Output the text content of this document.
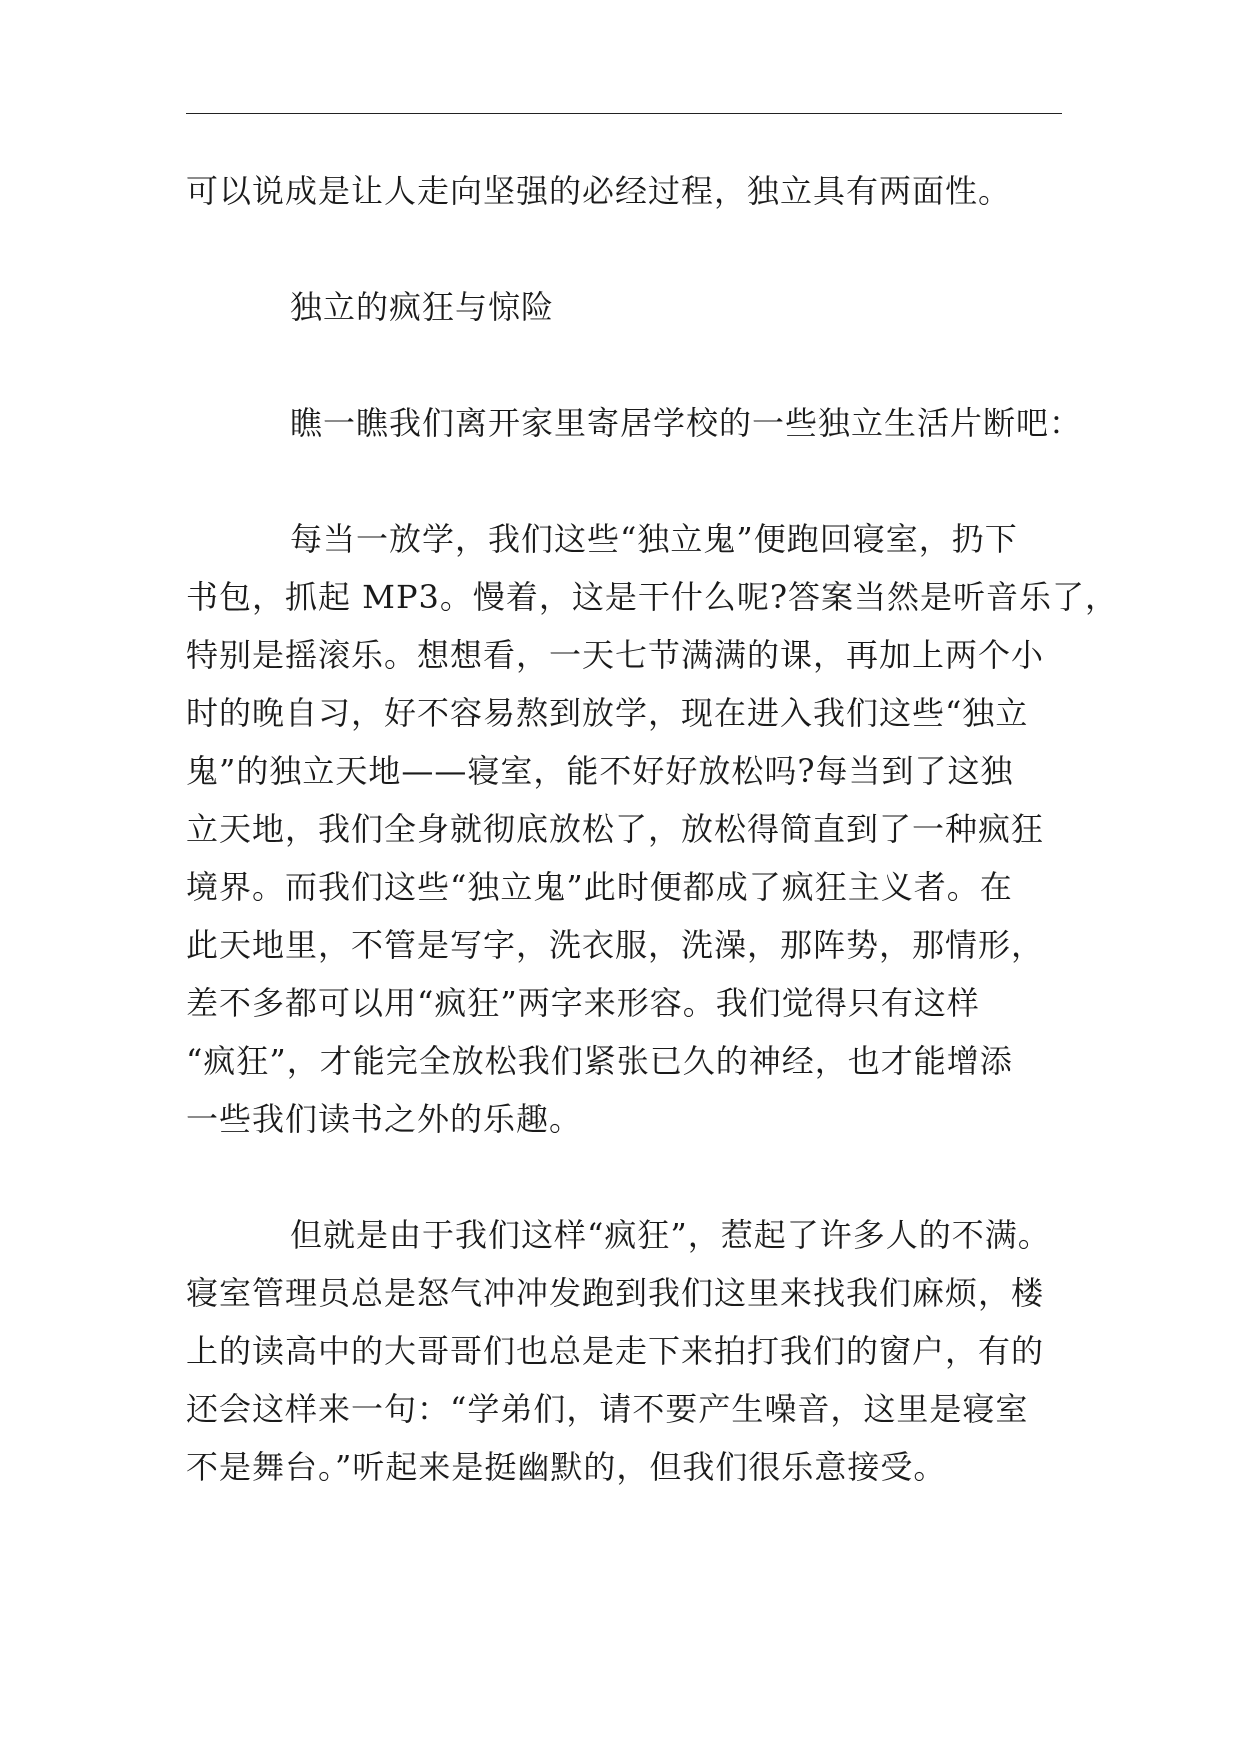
可以说成是让人走向坚强的必经过程，独立具有两面性。

独立的疯狂与惊险

瞧一瞧我们离开家里寄居学校的一些独立生活片断吧：

每当一放学，我们这些“独立鬼”便跑回寝室，扔下
书包，抓起 MP3。慢着，这是干什么呢?答案当然是听音乐了，
特别是摇滚乐。想想看，一天七节满满的课，再加上两个小
时的晚自习，好不容易熬到放学，现在进入我们这些“独立
鬼”的独立天地——寝室，能不好好放松吗?每当到了这独
立天地，我们全身就彻底放松了，放松得简直到了一种疯狂
境界。而我们这些“独立鬼”此时便都成了疯狂主义者。在
此天地里，不管是写字，洗衣服，洗澡，那阵势，那情形，
差不多都可以用“疯狂”两字来形容。我们觉得只有这样
“疯狂”，才能完全放松我们紧张已久的神经，也才能增添
一些我们读书之外的乐趣。

但就是由于我们这样“疯狂”，惹起了许多人的不满。
寝室管理员总是怒气冲冲发跑到我们这里来找我们麻烦，楼
上的读高中的大哥哥们也总是走下来拍打我们的窗户，有的
还会这样来一句：“学弟们，请不要产生噪音，这里是寝室
不是舞台。”听起来是挺幽默的，但我们很乐意接受。
